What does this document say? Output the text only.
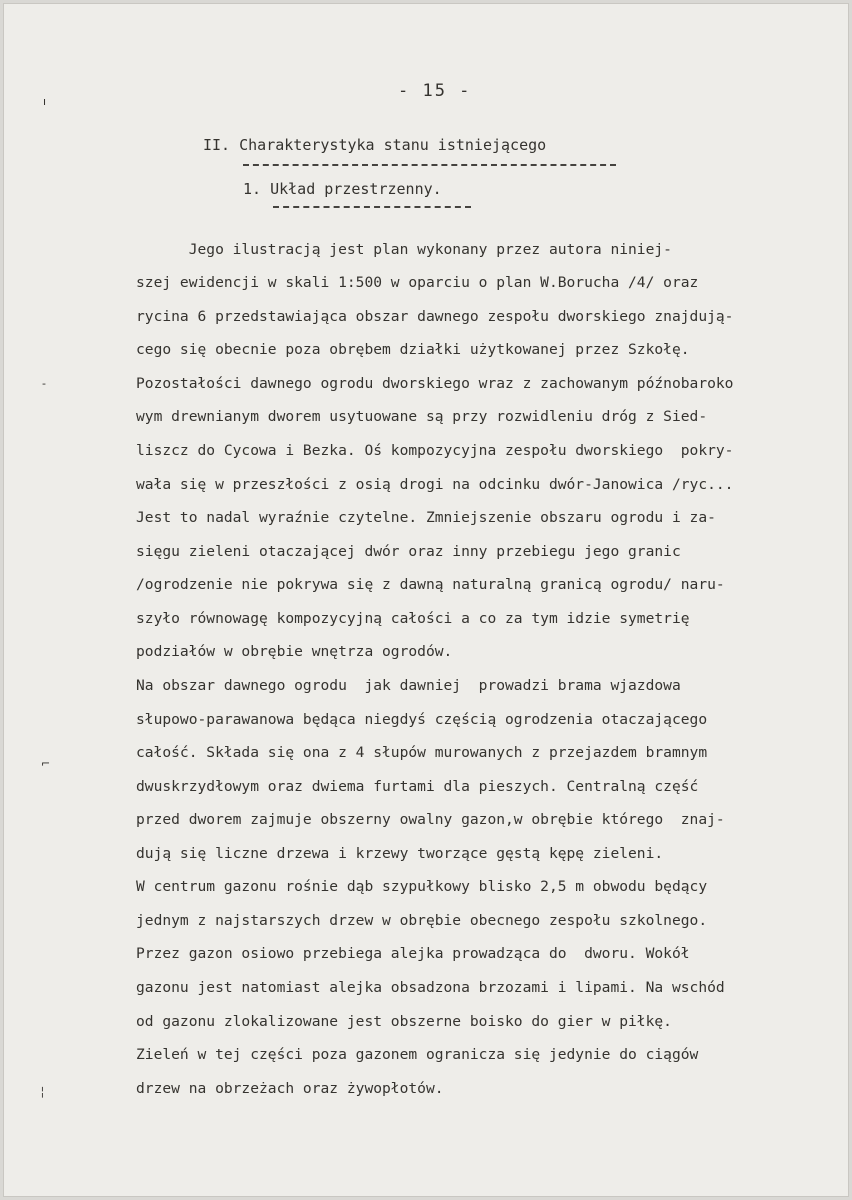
- 15 -
II. Charakterystyka stanu istniejącego
1. Układ przestrzenny.
Jego ilustracją jest plan wykonany przez autora niniej-
szej ewidencji w skali 1:500 w oparciu o plan W.Borucha /4/ oraz
rycina 6 przedstawiająca obszar dawnego zespołu dworskiego znajdują-
cego się obecnie poza obrębem działki użytkowanej przez Szkołę.
Pozostałości dawnego ogrodu dworskiego wraz z zachowanym późnobaroko
wym drewnianym dworem usytuowane są przy rozwidleniu dróg z Sied-
liszcz do Cycowa i Bezka. Oś kompozycyjna zespołu dworskiego  pokry-
wała się w przeszłości z osią drogi na odcinku dwór-Janowica /ryc...
Jest to nadal wyraźnie czytelne. Zmniejszenie obszaru ogrodu i za-
sięgu zieleni otaczającej dwór oraz inny przebiegu jego granic
/ogrodzenie nie pokrywa się z dawną naturalną granicą ogrodu/ naru-
szyło równowagę kompozycyjną całości a co za tym idzie symetrię
podziałów w obrębie wnętrza ogrodów.
Na obszar dawnego ogrodu  jak dawniej  prowadzi brama wjazdowa
słupowo-parawanowa będąca niegdyś częścią ogrodzenia otaczającego
całość. Składa się ona z 4 słupów murowanych z przejazdem bramnym
dwuskrzydłowym oraz dwiema furtami dla pieszych. Centralną część
przed dworem zajmuje obszerny owalny gazon,w obrębie którego  znaj-
dują się liczne drzewa i krzewy tworzące gęstą kępę zieleni.
W centrum gazonu rośnie dąb szypułkowy blisko 2,5 m obwodu będący
jednym z najstarszych drzew w obrębie obecnego zespołu szkolnego.
Przez gazon osiowo przebiega alejka prowadząca do  dworu. Wokół
gazonu jest natomiast alejka obsadzona brzozami i lipami. Na wschód
od gazonu zlokalizowane jest obszerne boisko do gier w piłkę.
Zieleń w tej części poza gazonem ogranicza się jedynie do ciągów
drzew na obrzeżach oraz żywopłotów.
ı
‐
⌐
╎
